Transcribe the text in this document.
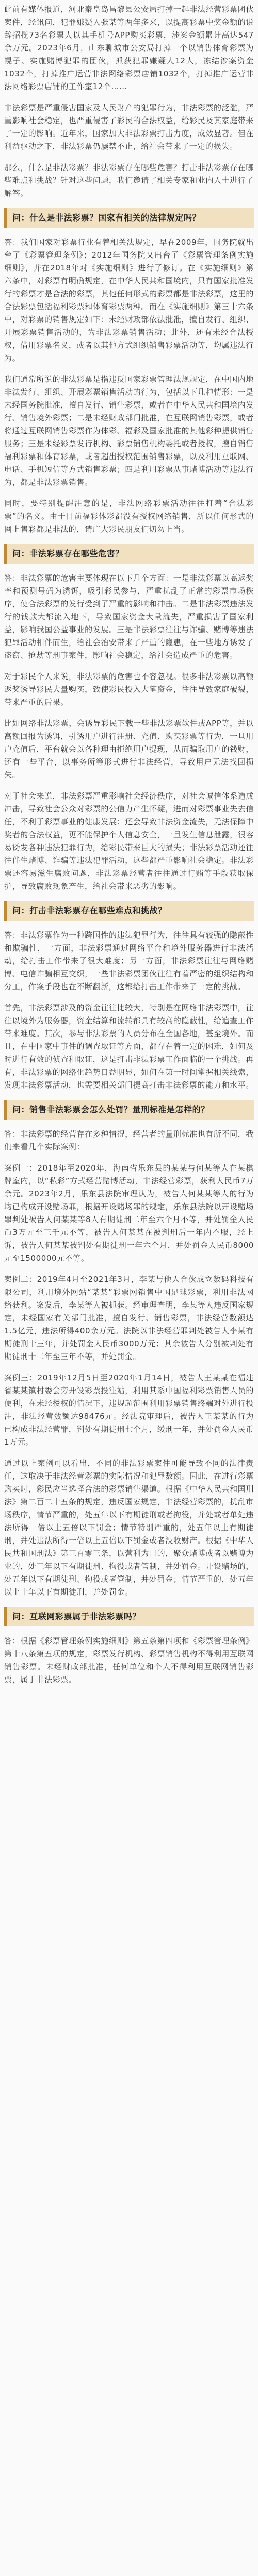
此前有媒体报道，河北秦皇岛昌黎县公安局打掉一起非法经营彩票团伙案件，经讯问，犯罪嫌疑人张某等两年多来，以提高彩票中奖金额的说辞招揽73名彩票人以其手机号APP购买彩票，涉案金额累计高达547余万元。2023年6月，山东聊城市公安局打掉一个以销售体育彩票为幌子、实施赌博犯罪的团伙，抓获犯罪嫌疑人12人，冻结涉案资金1032个，打掉推广运营非法网络彩票店铺1032个，打掉推广运营非法网络彩票店铺的工作室12个……

非法彩票是严重侵害国家及人民财产的犯罪行为，非法彩票的泛滥，严重影响社会稳定，也严重侵害了彩民的合法权益，给彩民及其家庭带来了一定的影响。近年来，国家加大非法彩票打击力度，成效显著。但在利益驱动之下，非法彩票仍屡禁不止，给社会带来了一定的损失。

那么，什么是非法彩票？非法彩票存在哪些危害？打击非法彩票存在哪些难点和挑战？针对这些问题，我们邀请了相关专家和业内人士进行了解答。

问：什么是非法彩票？国家有相关的法律规定吗？

答：我们国家对彩票行业有着相关法规定，早在2009年，国务院就出台了《彩票管理条例》；2012年国务院又出台了《彩票管理条例实施细则》，并在2018年对《实施细则》进行了修订。在《实施细则》第六条中，对彩票有明确规定，在中华人民共和国境内，只有国家批准发行的彩票才是合法的彩票，其他任何形式的彩票都是非法彩票，这里的合法彩票包括福利彩票和体育彩票两种。而在《实施细则》第三十六条中，对彩票的销售规定如下：未经财政部依法批准，擅自发行、组织、开展彩票销售活动的，为非法彩票销售活动；此外，还有未经合法授权，借用彩票名义，或者以其他方式组织销售彩票活动等，均属违法行为。

我们通常所说的非法彩票是指违反国家彩票管理法规规定，在中国内地非法发行、组织、开展彩票销售活动的行为，包括以下几种情形：一是未经国务院批准，擅自发行、销售彩票，或者在中华人民共和国境内发行、销售境外彩票；二是未经财政部门批准，在互联网销售彩票，或者将通过互联网销售彩票作为体彩、福彩及国家批准的其他彩种提供销售服务；三是未经彩票发行机构、彩票销售机构委托或者授权，擅自销售福利彩票和体育彩票，或者超出授权范围销售彩票，以及利用互联网、电话、手机短信等方式销售彩票；四是利用彩票从事赌博活动等违法行为，都是非法彩票销售。

同时，要特别提醒注意的是，非法网络彩票活动往往打着“合法彩票”的名义。由于目前福彩体彩都没有授权网络销售，所以任何形式的网上售彩都是非法的，请广大彩民朋友们切勿上当。

问：非法彩票存在哪些危害？

答：非法彩票的危害主要体现在以下几个方面：一是非法彩票以高返奖率和预测号码为诱饵，吸引彩民参与，严重扰乱了正常的彩票市场秩序，使合法彩票的发行受到了严重的影响和冲击。二是非法彩票违法发行的钱款大都流入地下，导致国家资金大量流失，严重损害了国家利益，影响我国公益事业的发展。三是非法彩票往往与诈骗、赌博等违法犯罪活动相伴而生，给社会治安带来了严重的隐患，在一些地方诱发了盗窃、抢劫等刑事案件，影响社会稳定，给社会造成严重的危害。

对于彩民个人来说，非法彩票的危害也不容忽视。很多非法彩票以高额返奖诱导彩民大量购买，致使彩民投入大笔资金，往往导致家庭破裂，带来严重的后果。

比如网络非法彩票，会诱导彩民下载一些非法彩票软件或APP等，并以高额回报为诱饵，引诱用户进行注册、充值、购买彩票等行为，一旦用户充值后，平台就会以各种理由拒绝用户提现，从而骗取用户的钱财，还有一些平台，以事务所等形式进行非法经营，导致用户无法找回损失。

对于社会来说，非法彩票严重影响社会经济秩序，对社会诚信体系造成冲击，导致社会公众对彩票的公信力产生怀疑，进而对彩票事业失去信任，不利于彩票事业的健康发展；还会导致非法资金流失，无法保障中奖者的合法权益，更不能保护个人信息安全，一旦发生信息泄露，很容易诱发各种违法犯罪行为，给彩民带来巨大的损失；非法彩票活动还往往伴生赌博、诈骗等违法犯罪活动，这些都严重影响社会稳定。非法彩票还容易滋生腐败问题，非法彩票经营者往往通过行贿等手段获取保护，导致腐败现象产生，给社会带来恶劣的影响。

问：打击非法彩票存在哪些难点和挑战？

答：非法彩票作为一种跨国性的违法犯罪行为，往往具有较强的隐蔽性和欺骗性，一方面，非法彩票通过网络平台和境外服务器进行非法活动，给打击工作带来了很大难度；另一方面，非法彩票往往与网络赌博、电信诈骗相互交织，一些非法彩票团伙往往有着严密的组织结构和分工，作案手段也在不断翻新，这都给打击工作带来了一定的挑战。

首先，非法彩票涉及的资金往往比较大，特别是在网络非法彩票中，往往以境外为服务器，资金结算和流转都具有较高的隐蔽性，给追查工作带来难度。其次，参与非法彩票的人员分布在全国各地，甚至境外。而且，在中国家中事件的调查取证等方面，都存在着一定的困难，如何及时进行有效的侦查和取证，这是打击非法彩票工作面临的一个挑战。再有，非法彩票的网络化趋势日益明显，如何在第一时间掌握相关线索，发现非法彩票活动，也需要相关部门提高打击非法彩票的能力和水平。

问：销售非法彩票会怎么处罚？量刑标准是怎样的？

答：非法彩票的经营存在多种情况，经营者的量刑标准也有所不同，我们来看几个实际案例：

案例一：2018年至2020年，海南省乐东县的某某与何某等人在某棋牌室内，以“私彩”方式经营赌博活动，非法经营彩票，获利人民币7万余元。2023年2月，乐东县法院审理认为，被告人何某某等人的行为均已构成开设赌场罪，根据开设赌场罪的规定，乐东县法院以开设赌场罪判处被告人何某某等8人有期徒刑二年至六个月不等，并处罚金人民币3万元至三千元不等，被告人何某某在被判刑后一年内不服，经上诉，被告人何某某被判处有期徒刑一年六个月，并处罚金人民币8000元至1500000元不等。

案例二：2019年4月至2021年3月，李某与他人合伙成立数码科技有限公司，利用境外网站“某某”彩票网销售中国足球彩票，利用非法网络获利。案发后，李某等人被抓获。经审理查明，李某等人违反国家规定，未经国家有关部门批准，擅自发行、销售彩票，非法经营数额达1.5亿元，违法所得400余万元。法院以非法经营罪判处被告人李某有期徒刑十三年，并处罚金人民币3000万元；其余被告人分别被判处有期徒刑十二年至三年不等，并处罚金。

案例三：2019年12月5日至2020年1月14日，被告人王某某在福建省某某镇村委会旁开设彩票投注站，利用其系中国福利彩票销售人员的便利，在未经授权的情况下，违规超范围利用彩票销售终端对外进行投注，非法经营数额达98476元。经法院审理后，被告人王某某的行为已构成非法经营罪，判处有期徒刑七个月，缓刑一年，并处罚金人民币1万元。

通过以上案例可以看出，不同的非法彩票案件可能导致不同的法律责任，这取决于非法经营彩票的实际情况和犯罪数额。因此，在进行彩票购买时，彩民应当选择合法的彩票销售渠道。根据《中华人民共和国刑法》第二百二十五条的规定，违反国家规定，非法经营彩票的，扰乱市场秩序，情节严重的，处五年以下有期徒刑或者拘役，并处或者单处违法所得一倍以上五倍以下罚金；情节特别严重的，处五年以上有期徒刑，并处违法所得一倍以上五倍以下罚金或者没收财产。根据《中华人民共和国刑法》第三百零三条，以营利为目的，聚众赌博或者以赌博为业的，处三年以下有期徒刑、拘役或者管制，并处罚金。开设赌场的，处五年以下有期徒刑、拘役或者管制，并处罚金；情节严重的，处五年以上十年以下有期徒刑，并处罚金。

问：互联网彩票属于非法彩票吗？

答：根据《彩票管理条例实施细则》第五条第四项和《彩票管理条例》第十八条第五项的规定，彩票发行机构、彩票销售机构不得利用互联网销售彩票。未经财政部批准，任何单位和个人不得利用互联网销售彩票，属于非法彩票。
